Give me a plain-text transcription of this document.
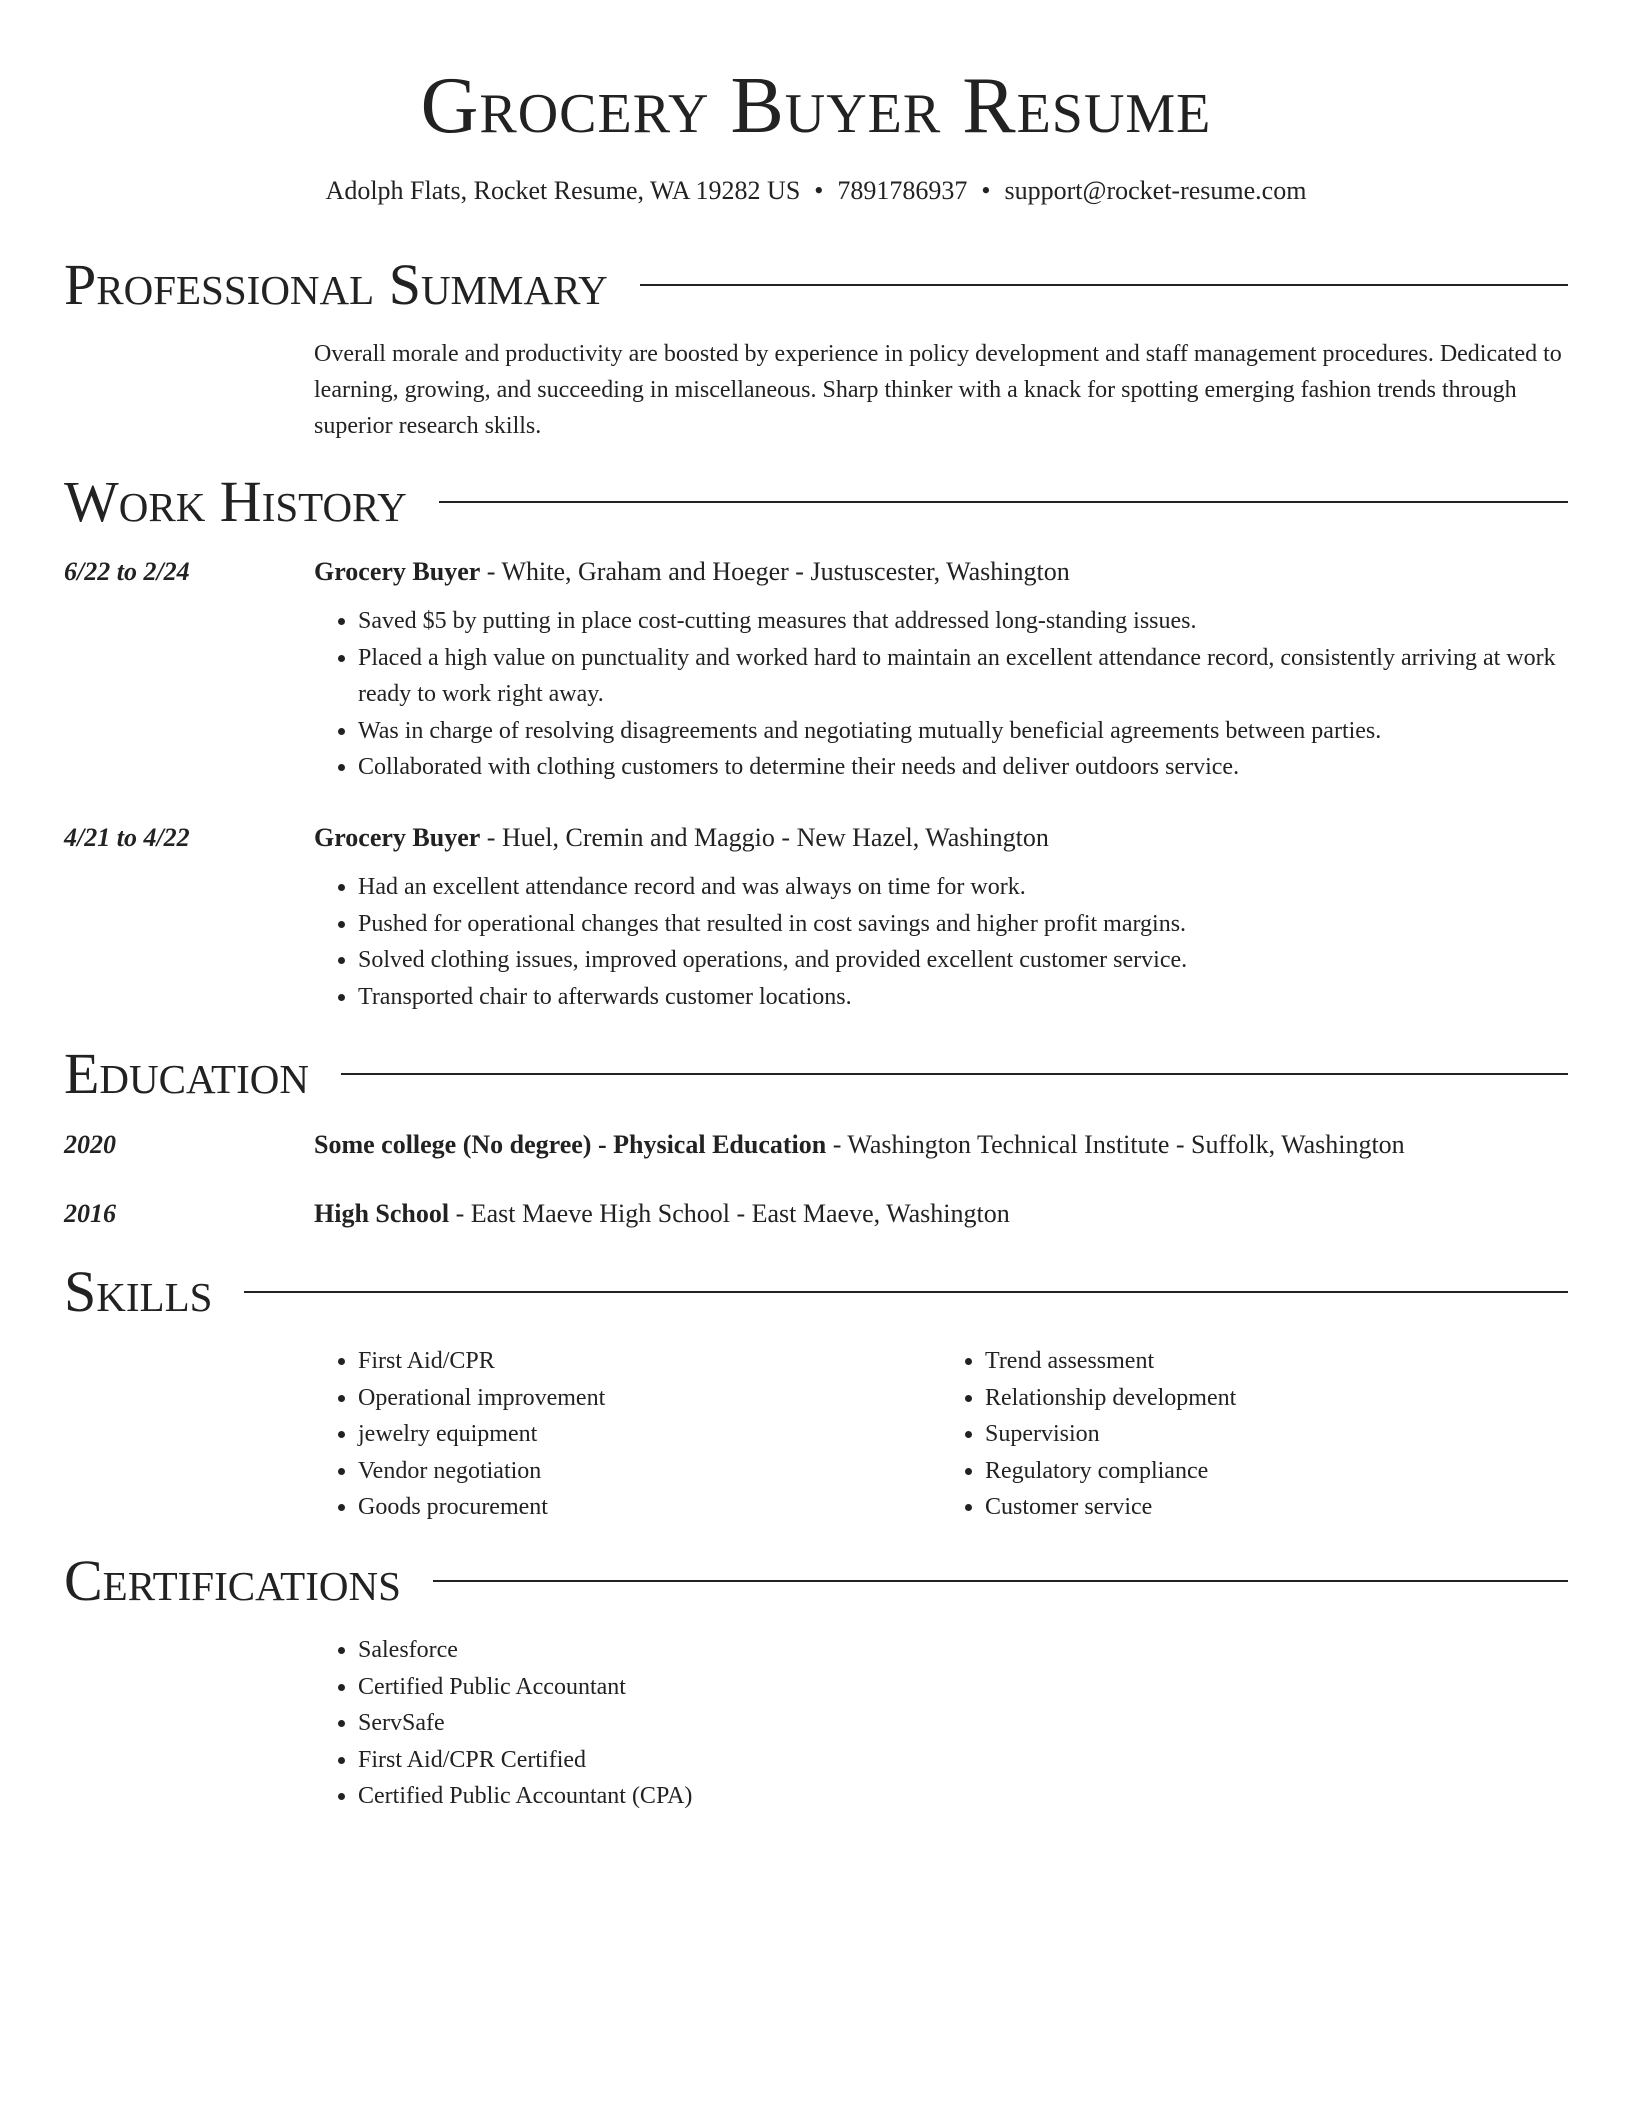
Grocery Buyer Resume
Adolph Flats, Rocket Resume, WA 19282 US • 7891786937 • support@rocket-resume.com
Professional Summary
Overall morale and productivity are boosted by experience in policy development and staff management procedures. Dedicated to learning, growing, and succeeding in miscellaneous. Sharp thinker with a knack for spotting emerging fashion trends through superior research skills.
Work History
6/22 to 2/24	Grocery Buyer - White, Graham and Hoeger - Justuscester, Washington
• Saved $5 by putting in place cost-cutting measures that addressed long-standing issues.
• Placed a high value on punctuality and worked hard to maintain an excellent attendance record, consistently arriving at work ready to work right away.
• Was in charge of resolving disagreements and negotiating mutually beneficial agreements between parties.
• Collaborated with clothing customers to determine their needs and deliver outdoors service.
4/21 to 4/22	Grocery Buyer - Huel, Cremin and Maggio - New Hazel, Washington
• Had an excellent attendance record and was always on time for work.
• Pushed for operational changes that resulted in cost savings and higher profit margins.
• Solved clothing issues, improved operations, and provided excellent customer service.
• Transported chair to afterwards customer locations.
Education
2020	Some college (No degree) - Physical Education - Washington Technical Institute - Suffolk, Washington
2016	High School - East Maeve High School - East Maeve, Washington
Skills
• First Aid/CPR
• Operational improvement
• jewelry equipment
• Vendor negotiation
• Goods procurement
• Trend assessment
• Relationship development
• Supervision
• Regulatory compliance
• Customer service
Certifications
• Salesforce
• Certified Public Accountant
• ServSafe
• First Aid/CPR Certified
• Certified Public Accountant (CPA)
